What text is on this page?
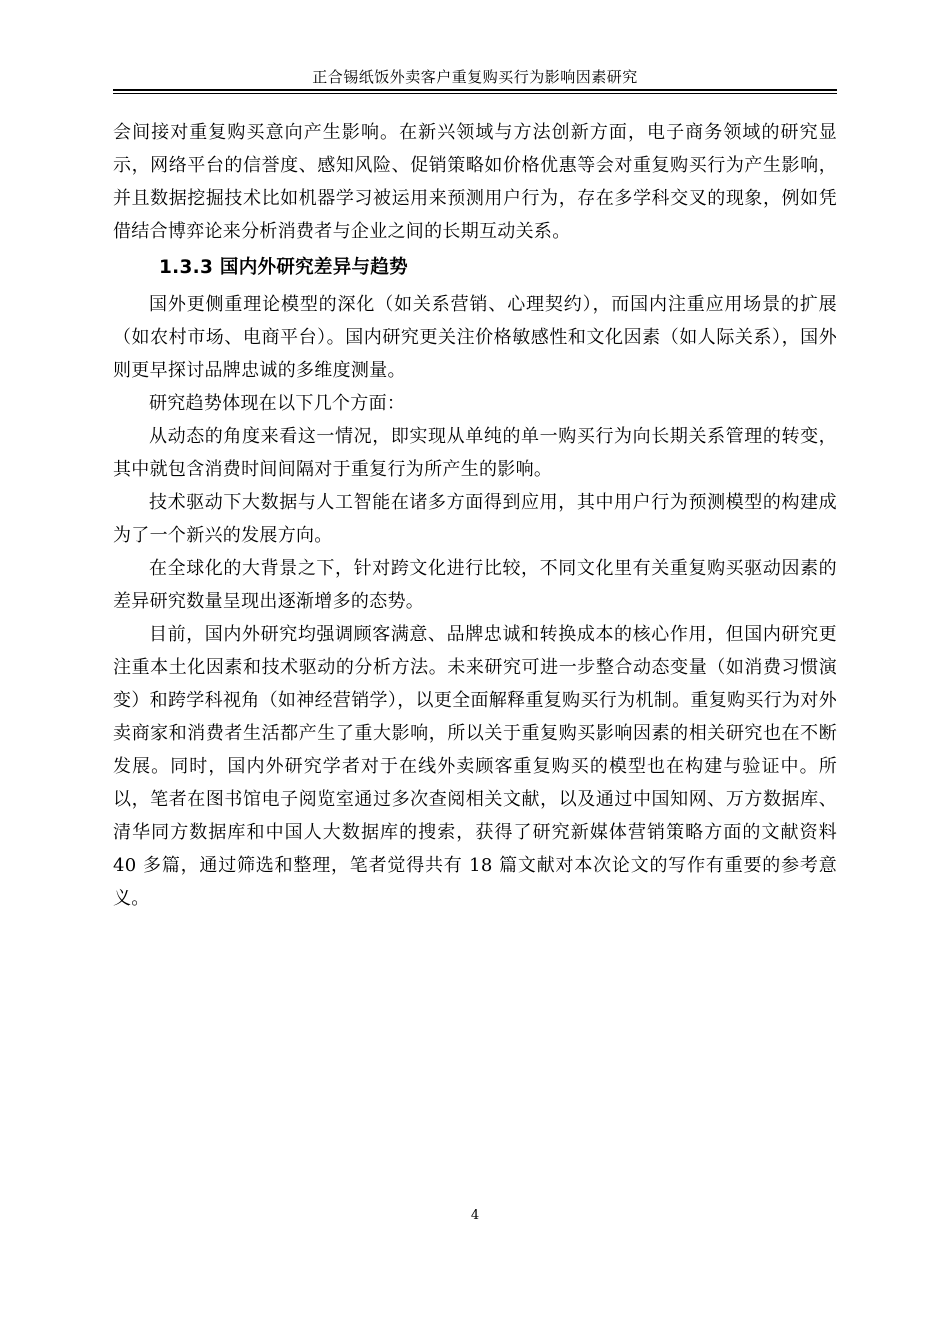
正合锡纸饭外卖客户重复购买行为影响因素研究

会间接对重复购买意向产生影响。在新兴领域与方法创新方面，电子商务领域的研究显示，网络平台的信誉度、感知风险、促销策略如价格优惠等会对重复购买行为产生影响，并且数据挖掘技术比如机器学习被运用来预测用户行为，存在多学科交叉的现象，例如凭借结合博弈论来分析消费者与企业之间的长期互动关系。

1.3.3 国内外研究差异与趋势

国外更侧重理论模型的深化（如关系营销、心理契约），而国内注重应用场景的扩展（如农村市场、电商平台）。国内研究更关注价格敏感性和文化因素（如人际关系），国外则更早探讨品牌忠诚的多维度测量。

研究趋势体现在以下几个方面：

从动态的角度来看这一情况，即实现从单纯的单一购买行为向长期关系管理的转变，其中就包含消费时间间隔对于重复行为所产生的影响。

技术驱动下大数据与人工智能在诸多方面得到应用，其中用户行为预测模型的构建成为了一个新兴的发展方向。

在全球化的大背景之下，针对跨文化进行比较，不同文化里有关重复购买驱动因素的差异研究数量呈现出逐渐增多的态势。

目前，国内外研究均强调顾客满意、品牌忠诚和转换成本的核心作用，但国内研究更注重本土化因素和技术驱动的分析方法。未来研究可进一步整合动态变量（如消费习惯演变）和跨学科视角（如神经营销学），以更全面解释重复购买行为机制。重复购买行为对外卖商家和消费者生活都产生了重大影响，所以关于重复购买影响因素的相关研究也在不断发展。同时，国内外研究学者对于在线外卖顾客重复购买的模型也在构建与验证中。所以，笔者在图书馆电子阅览室通过多次查阅相关文献，以及通过中国知网、万方数据库、清华同方数据库和中国人大数据库的搜索，获得了研究新媒体营销策略方面的文献资料 40 多篇，通过筛选和整理，笔者觉得共有 18 篇文献对本次论文的写作有重要的参考意义。

4
